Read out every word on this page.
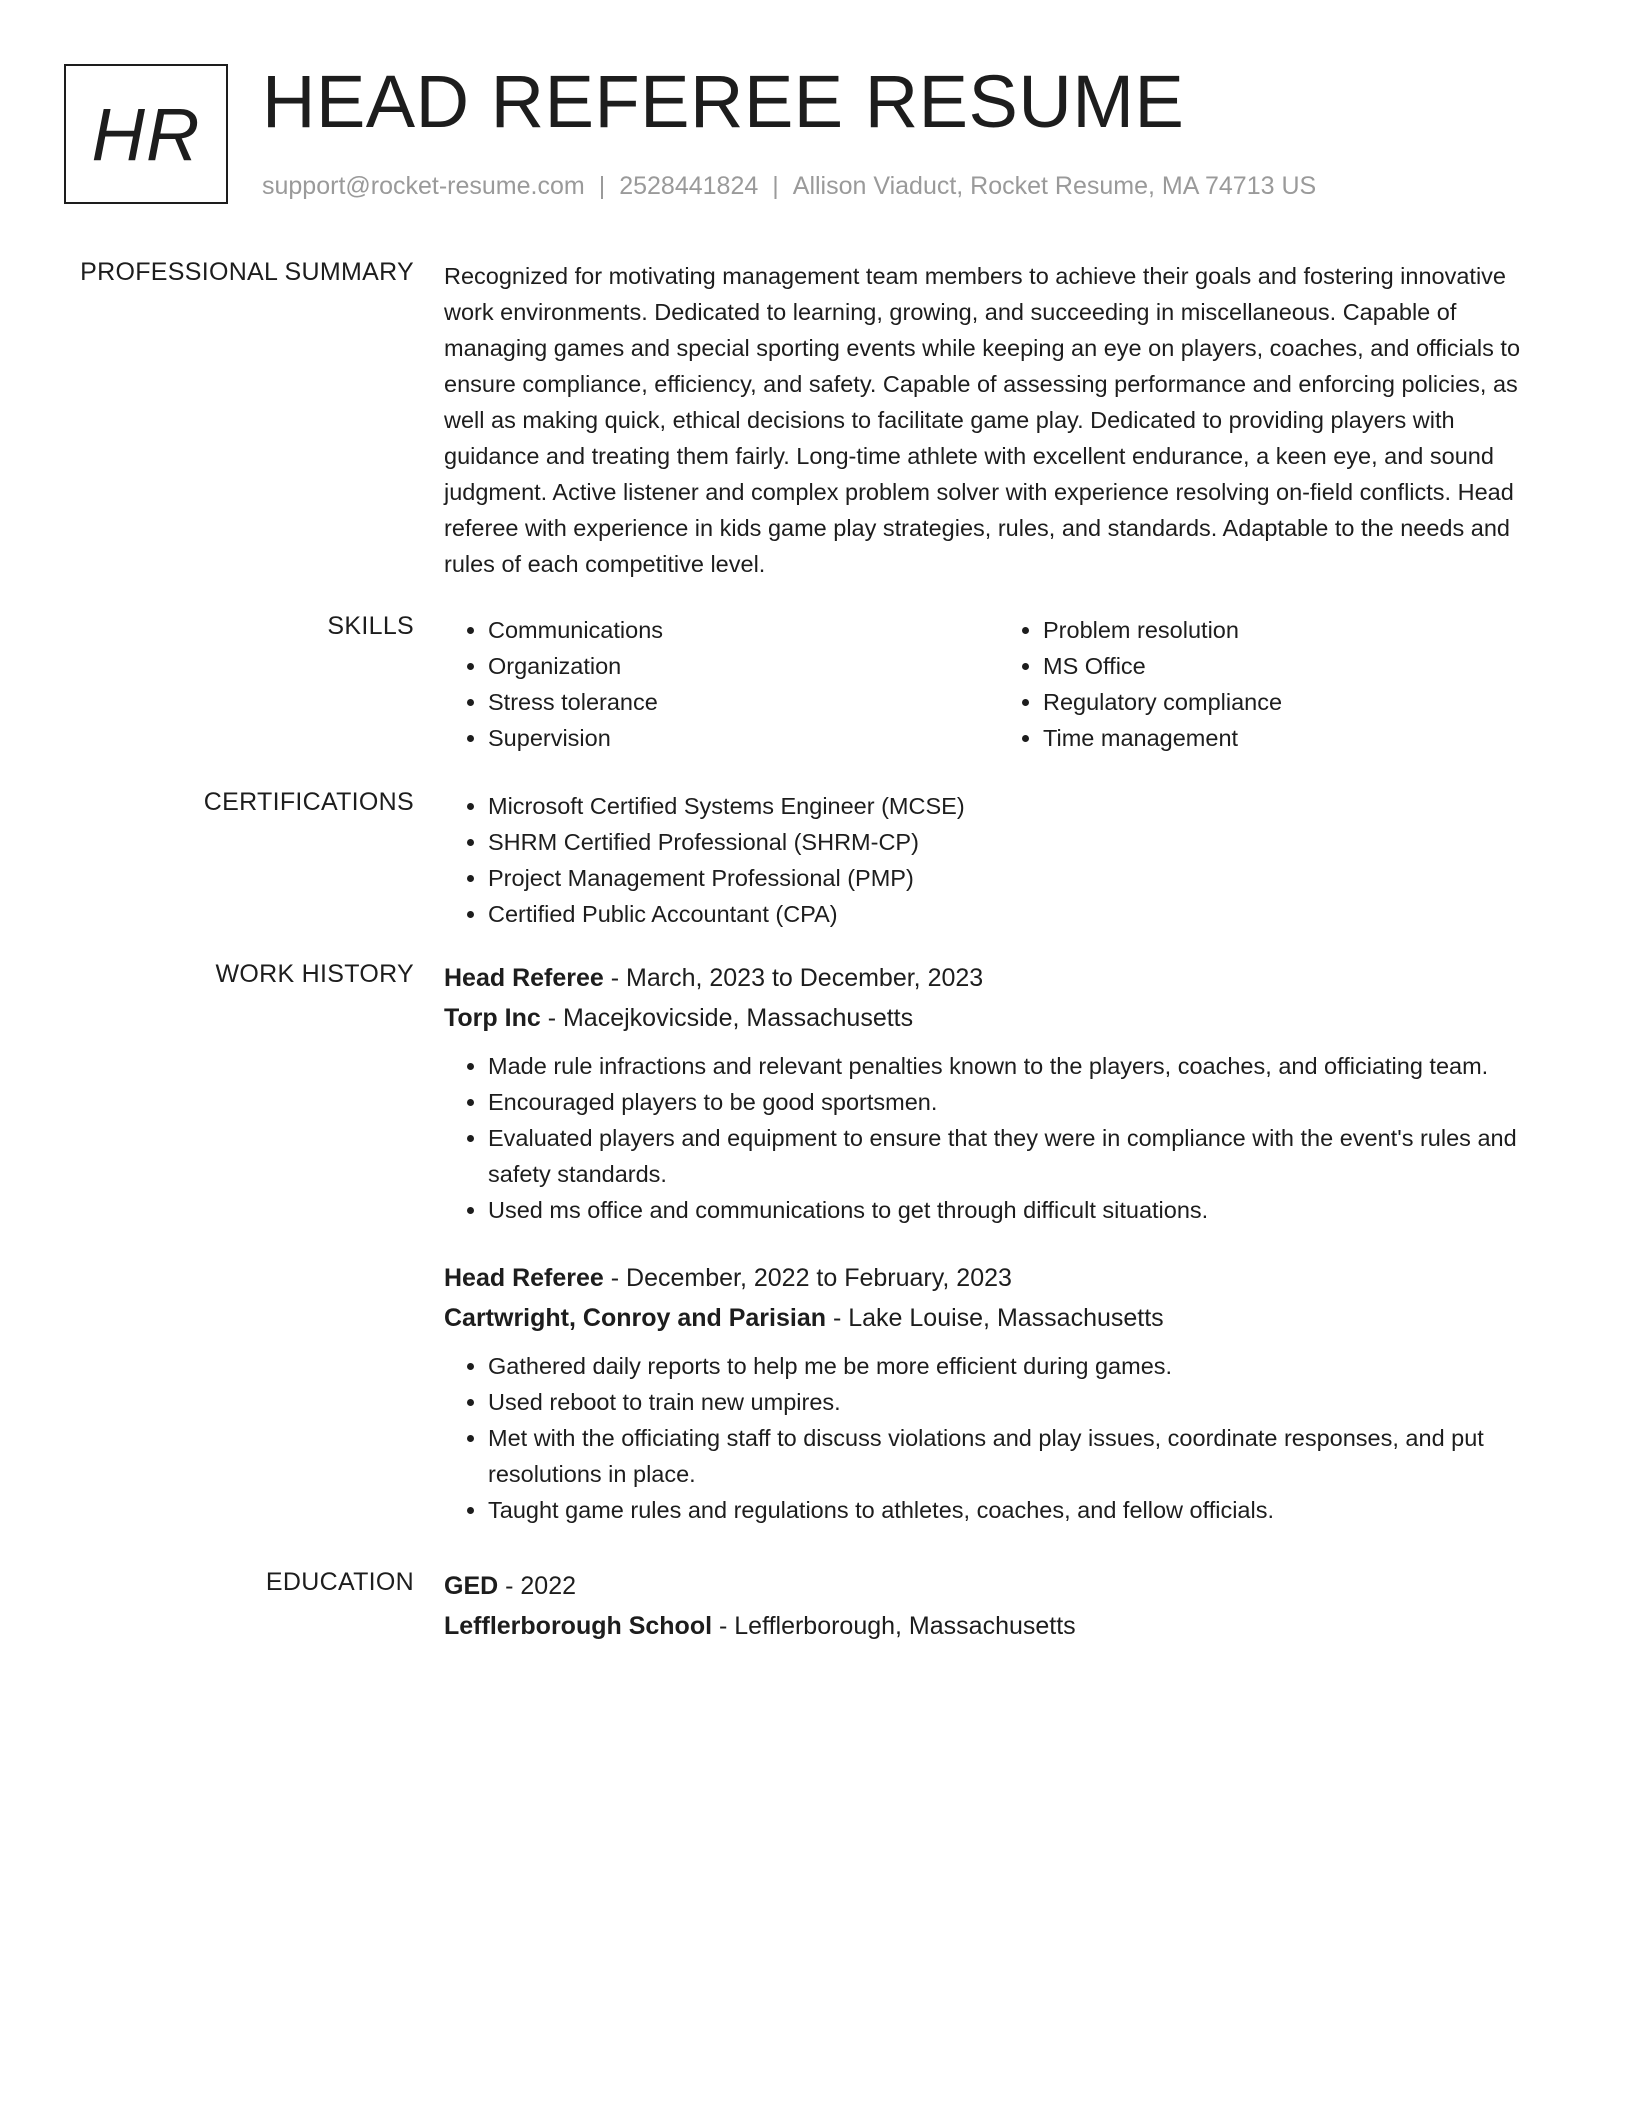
HR HEAD REFEREE RESUME
support@rocket-resume.com | 2528441824 | Allison Viaduct, Rocket Resume, MA 74713 US
PROFESSIONAL SUMMARY Recognized for motivating management team members to achieve their goals and fostering innovative work environments. Dedicated to learning, growing, and succeeding in miscellaneous. Capable of managing games and special sporting events while keeping an eye on players, coaches, and officials to ensure compliance, efficiency, and safety. Capable of assessing performance and enforcing policies, as well as making quick, ethical decisions to facilitate game play. Dedicated to providing players with guidance and treating them fairly. Long-time athlete with excellent endurance, a keen eye, and sound judgment. Active listener and complex problem solver with experience resolving on-field conflicts. Head referee with experience in kids game play strategies, rules, and standards. Adaptable to the needs and rules of each competitive level.

SKILLS	• Communications
• Organization
• Stress tolerance
• Supervision
• Problem resolution
• MS Office
• Regulatory compliance
• Time management
CERTIFICATIONS	• Microsoft Certified Systems Engineer (MCSE)
• SHRM Certified Professional (SHRM-CP)
• Project Management Professional (PMP)
• Certified Public Accountant (CPA)
WORK HISTORY Head Referee - March, 2023 to December, 2023
Torp Inc - Macejkovicside, Massachusetts
• Made rule infractions and relevant penalties known to the players, coaches, and officiating team.
• Encouraged players to be good sportsmen.
• Evaluated players and equipment to ensure that they were in compliance with the event's rules and safety standards.
• Used ms office and communications to get through difficult situations.
Head Referee - December, 2022 to February, 2023
Cartwright, Conroy and Parisian - Lake Louise, Massachusetts
• Gathered daily reports to help me be more efficient during games.
• Used reboot to train new umpires.
• Met with the officiating staff to discuss violations and play issues, coordinate responses, and put resolutions in place.
• Taught game rules and regulations to athletes, coaches, and fellow officials.
EDUCATION GED - 2022
Lefflerborough School - Lefflerborough, Massachusetts
